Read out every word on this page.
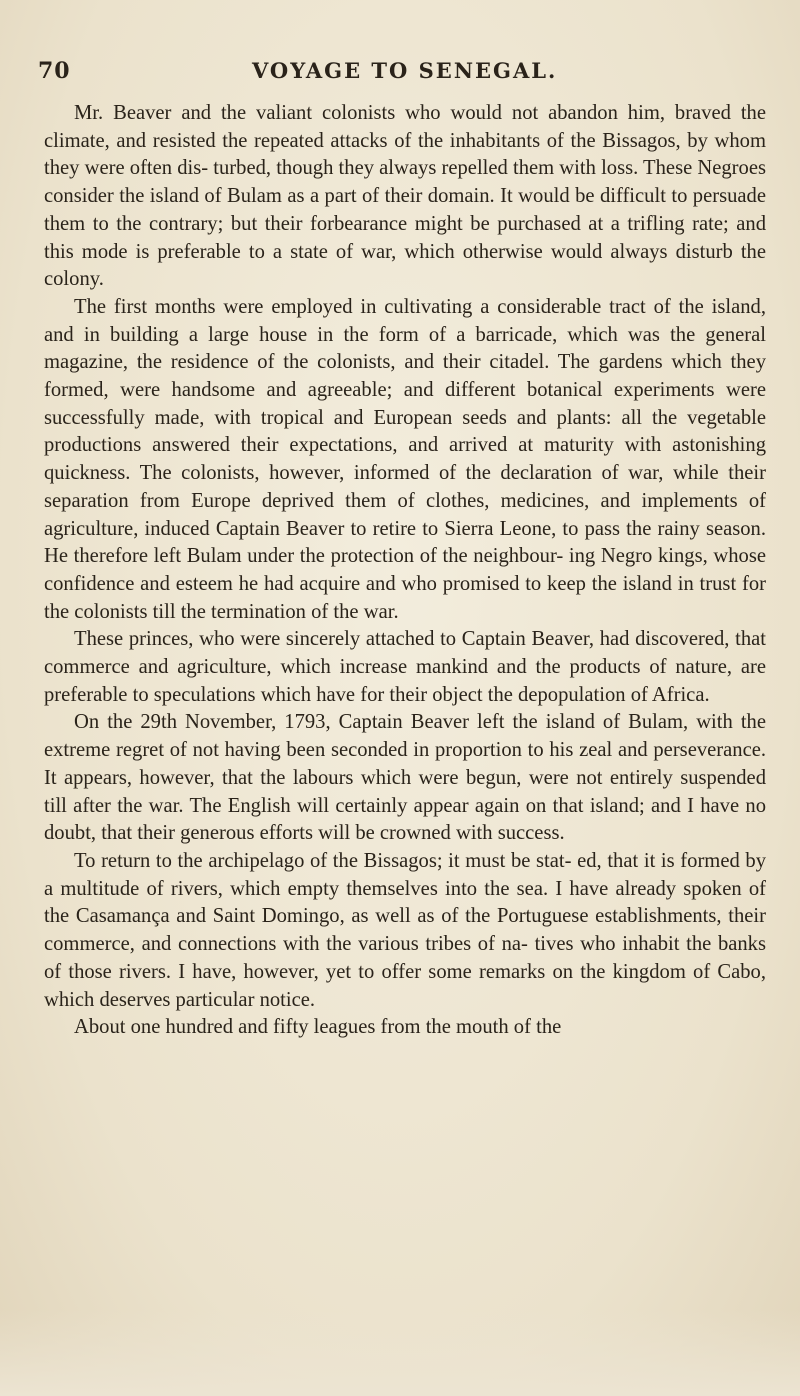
70	VOYAGE TO SENEGAL.

Mr. Beaver and the valiant colonists who would not abandon him, braved the climate, and resisted the repeated attacks of the inhabitants of the Bissagos, by whom they were often dis- turbed, though they always repelled them with loss. These Negroes consider the island of Bulam as a part of their domain. It would be difficult to persuade them to the contrary; but their forbearance might be purchased at a trifling rate; and this mode is preferable to a state of war, which otherwise would always disturb the colony.

The first months were employed in cultivating a considerable tract of the island, and in building a large house in the form of a barricade, which was the general magazine, the residence of the colonists, and their citadel. The gardens which they formed, were handsome and agreeable; and different botanical experiments were successfully made, with tropical and European seeds and plants: all the vegetable productions answered their expectations, and arrived at maturity with astonishing quickness. The colonists, however, informed of the declaration of war, while their separation from Europe deprived them of clothes, medicines, and implements of agriculture, induced Captain Beaver to retire to Sierra Leone, to pass the rainy season. He therefore left Bulam under the protection of the neighbour- ing Negro kings, whose confidence and esteem he had acquire and who promised to keep the island in trust for the colonists till the termination of the war.

These princes, who were sincerely attached to Captain Beaver, had discovered, that commerce and agriculture, which increase mankind and the products of nature, are preferable to speculations which have for their object the depopulation of Africa.

On the 29th November, 1793, Captain Beaver left the island of Bulam, with the extreme regret of not having been seconded in proportion to his zeal and perseverance. It appears, however, that the labours which were begun, were not entirely suspended till after the war. The English will certainly appear again on that island; and I have no doubt, that their generous efforts will be crowned with success.

To return to the archipelago of the Bissagos; it must be stat- ed, that it is formed by a multitude of rivers, which empty themselves into the sea. I have already spoken of the Casamança and Saint Domingo, as well as of the Portuguese establishments, their commerce, and connections with the various tribes of na- tives who inhabit the banks of those rivers. I have, however, yet to offer some remarks on the kingdom of Cabo, which deserves particular notice.

About one hundred and fifty leagues from the mouth of the
